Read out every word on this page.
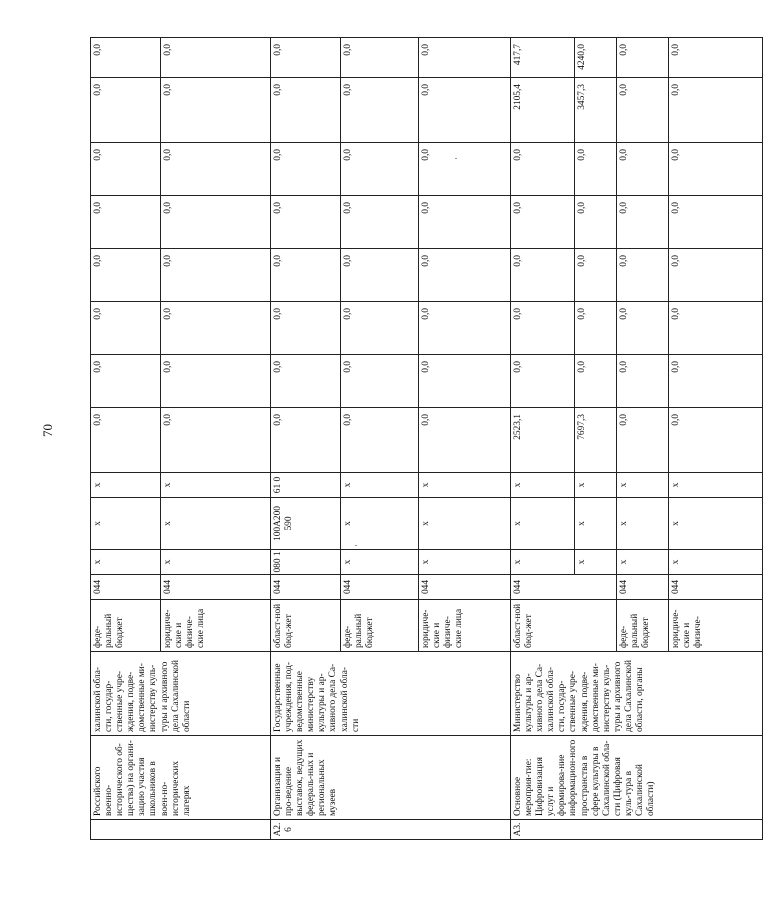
70
	Российского военно-исторического об-щества) на органи-зацию участия школьников в воен-но-исторических лагерях	халинской обла-сти, государ-ственные учре-ждения, подве-домственные ми-нистерству куль-туры и архивного дела Сахалинской области	феде-ральный бюджет	044	x	x	x	0,0	0,0	0,0	0,0	0,0	0,0	0,0	0,0
			юридиче-ские и физиче-ские лица	044	x	x	x	0,0	0,0	0,0	0,0	0,0	0,0	0,0	0,0
А2. 6	Организация и про-ведение выставок, ведущих федераль-ных и региональных музеев	Государственные учреждения, под-ведомственные министерству культуры и ар-хивного дела Са-халинской обла-сти	област-ной бюд-жет	044	080 1	100А200 590	61 0	0,0	0,0	0,0	0,0	0,0	0,0	0,0	0,0
			феде-ральный бюджет	044	x	x	x	0,0	0,0	0,0	0,0	0,0	0,0	0,0	0,0
			юридиче-ские и физиче-ские лица	044	x	x	x	0,0	0,0	0,0	0,0	0,0	0,0	0,0	0,0
А3.	Основное мероприя-тие: Цифровизация услуг и формирова-ние информацион-ного пространства в сфере культуры в Сахалинской обла-сти (Цифровая куль-тура в Сахалинской области)	Министерство культуры и ар-хивного дела Са-халинской обла-сти, государ-ственные учре-ждения, подве-домственные ми-нистерству куль-туры и архивного дела Сахалинской области, органы	област-ной бюд-жет	044	x	x	x	2523,1	0,0	0,0	0,0	0,0	0,0	2105,4	417,7
					x	x	x	7697,3	0,0	0,0	0,0	0,0	0,0	3457,3	4240,0
			феде-ральный бюджет	044	x	x	x	0,0	0,0	0,0	0,0	0,0	0,0	0,0	0,0
			юридиче-ские и физиче-	044	x	x	x	0,0	0,0	0,0	0,0	0,0	0,0	0,0	0,0
